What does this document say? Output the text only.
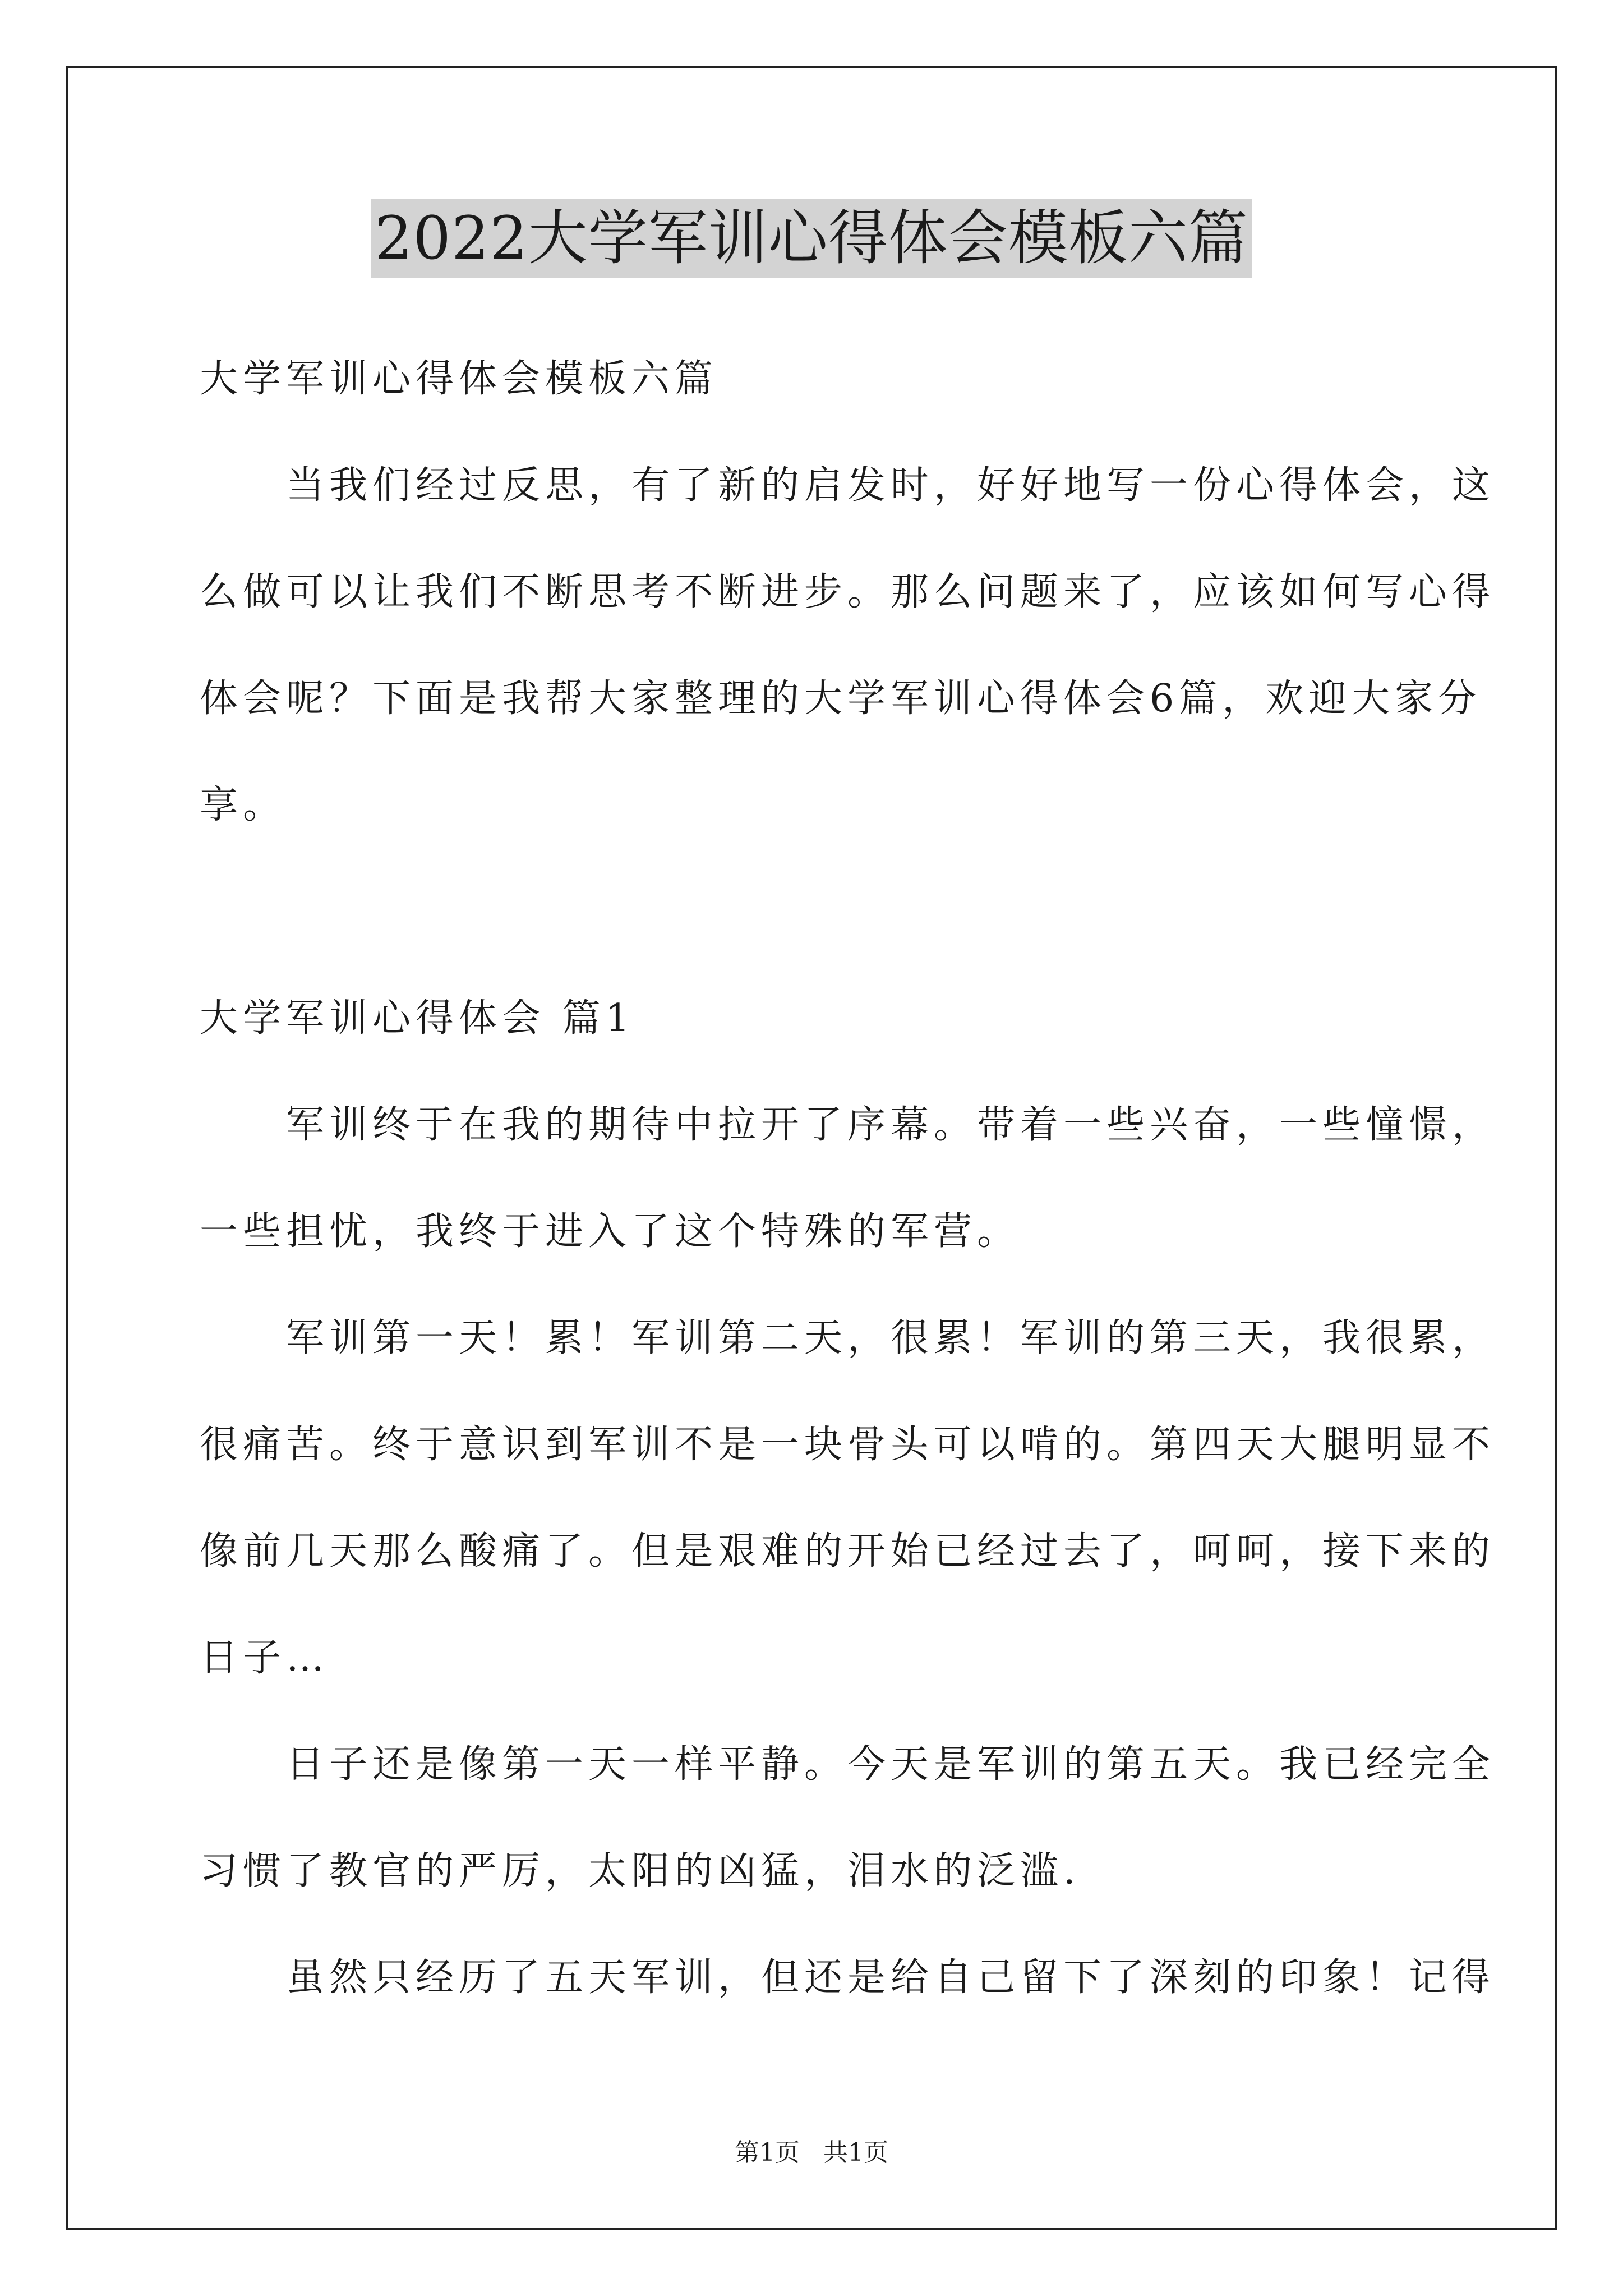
2022大学军训心得体会模板六篇
大学军训心得体会模板六篇
　　当我们经过反思，有了新的启发时，好好地写一份心得体会，这
么做可以让我们不断思考不断进步。那么问题来了，应该如何写心得
体会呢？下面是我帮大家整理的大学军训心得体会6篇，欢迎大家分
享。
大学军训心得体会 篇1
　　军训终于在我的期待中拉开了序幕。带着一些兴奋，一些憧憬，
一些担忧，我终于进入了这个特殊的军营。
　　军训第一天！累！军训第二天，很累！军训的第三天，我很累，
很痛苦。终于意识到军训不是一块骨头可以啃的。第四天大腿明显不
像前几天那么酸痛了。但是艰难的开始已经过去了，呵呵，接下来的
日子…
　　日子还是像第一天一样平静。今天是军训的第五天。我已经完全
习惯了教官的严厉，太阳的凶猛，泪水的泛滥.
　　虽然只经历了五天军训，但还是给自己留下了深刻的印象！记得
第1页   共1页
